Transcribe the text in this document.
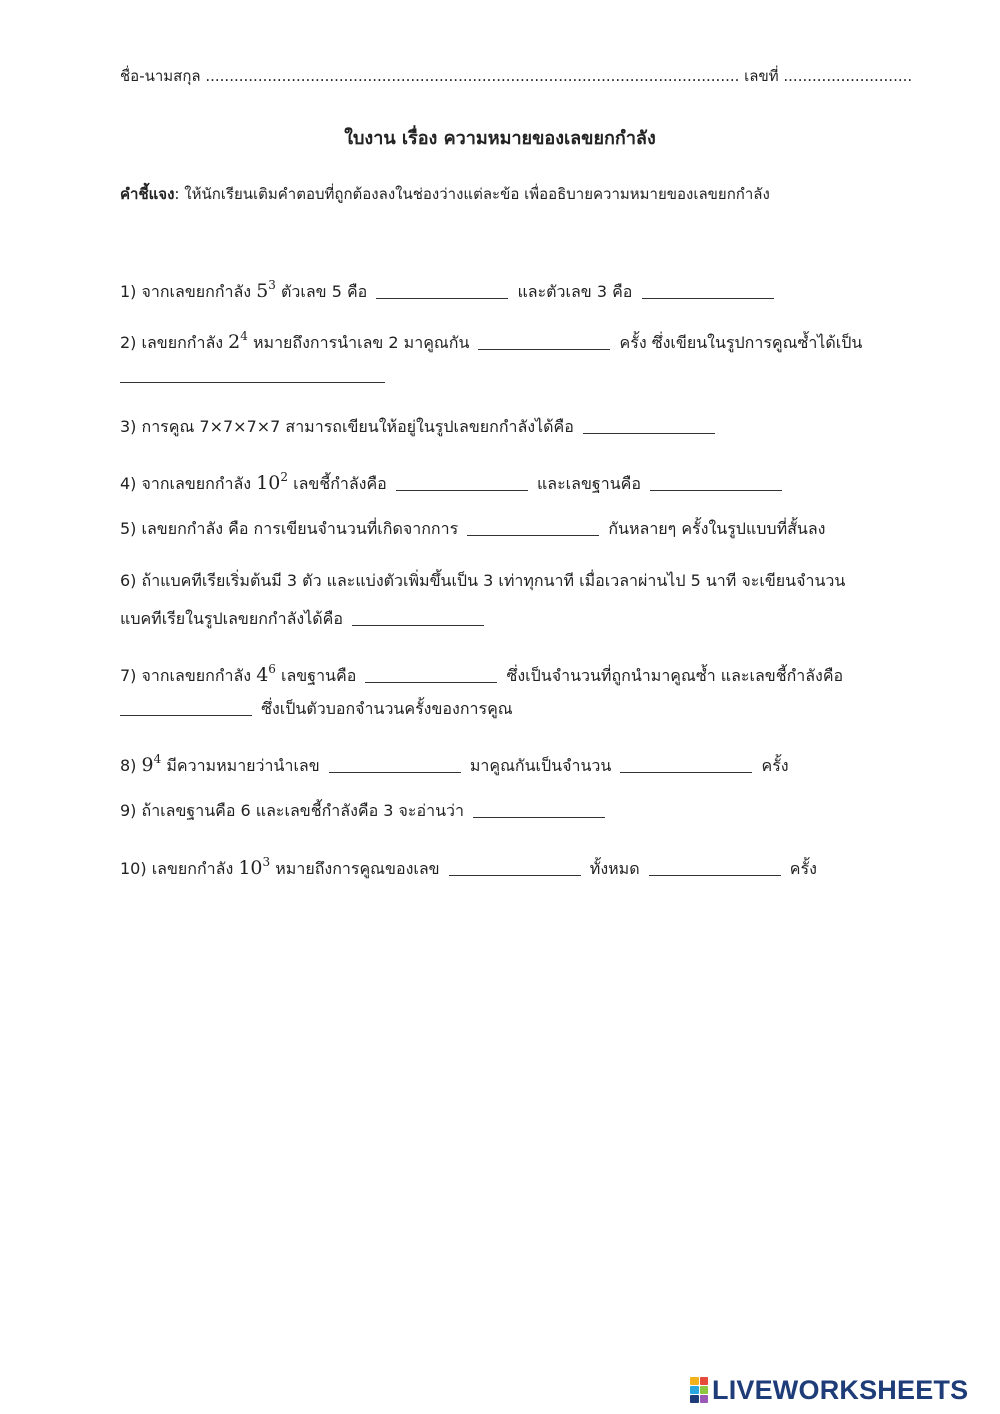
ชื่อ-นามสกุล ................................................................................................................ เลขที่ ...........................
ใบงาน เรื่อง ความหมายของเลขยกกำลัง
คำชี้แจง: ให้นักเรียนเติมคำตอบที่ถูกต้องลงในช่องว่างแต่ละข้อ เพื่ออธิบายความหมายของเลขยกกำลัง
1) จากเลขยกกำลัง $5^3$ ตัวเลข 5 คือ	และตัวเลข 3 คือ
2) เลขยกกำลัง $2^4$ หมายถึงการนำเลข 2 มาคูณกัน	ครั้ง ซึ่งเขียนในรูปการคูณซ้ำได้เป็น
3) การคูณ 7×7×7×7 สามารถเขียนให้อยู่ในรูปเลขยกกำลังได้คือ
4) จากเลขยกกำลัง $10^2$ เลขชี้กำลังคือ	และเลขฐานคือ
5) เลขยกกำลัง คือ การเขียนจำนวนที่เกิดจากการ	กันหลายๆ ครั้งในรูปแบบที่สั้นลง
6) ถ้าแบคทีเรียเริ่มต้นมี 3 ตัว และแบ่งตัวเพิ่มขึ้นเป็น 3 เท่าทุกนาที เมื่อเวลาผ่านไป 5 นาที จะเขียนจำนวน
แบคทีเรียในรูปเลขยกกำลังได้คือ
7) จากเลขยกกำลัง $4^6$ เลขฐานคือ	ซึ่งเป็นจำนวนที่ถูกนำมาคูณซ้ำ และเลขชี้กำลังคือ
ซึ่งเป็นตัวบอกจำนวนครั้งของการคูณ
8) $9^4$ มีความหมายว่านำเลข	มาคูณกันเป็นจำนวน	ครั้ง
9) ถ้าเลขฐานคือ 6 และเลขชี้กำลังคือ 3 จะอ่านว่า
10) เลขยกกำลัง $10^3$ หมายถึงการคูณของเลข	ทั้งหมด	ครั้ง
LIVEWORKSHEETS
